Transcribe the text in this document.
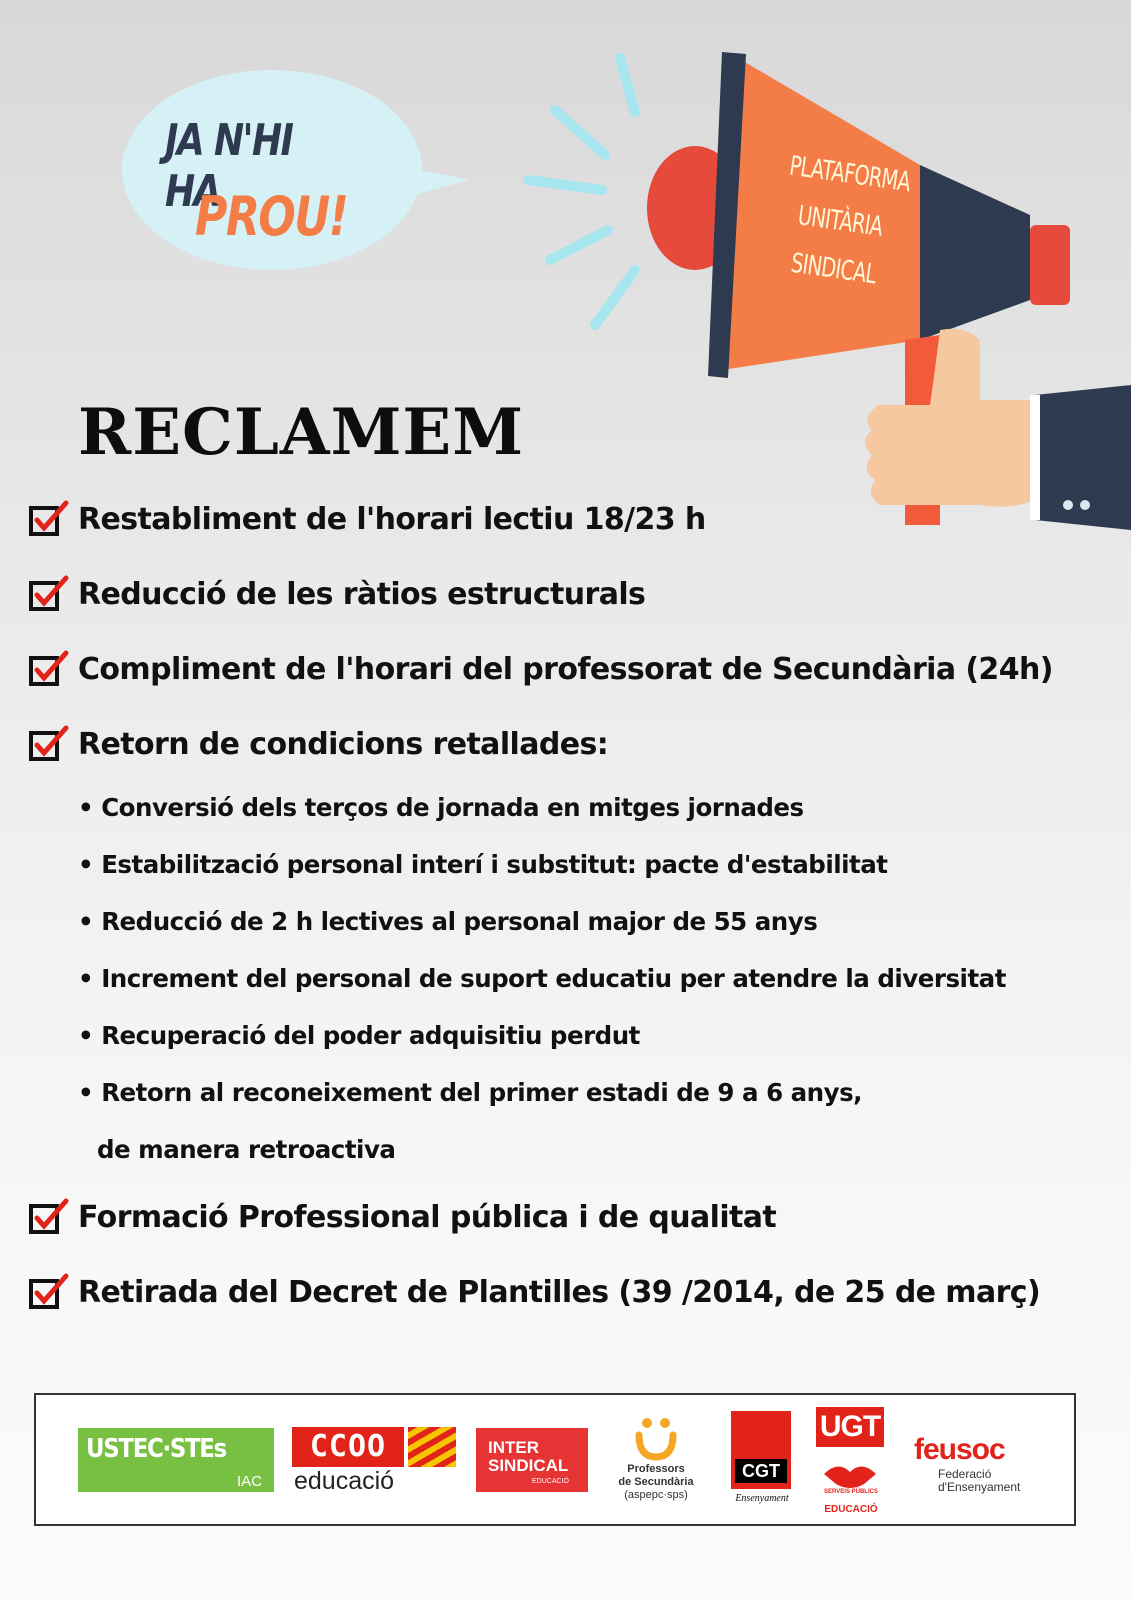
JA N'HI HA
PROU!
PLATAFORMA
UNITÀRIA
SINDICAL
RECLAMEM
Restabliment de l'horari lectiu 18/23 h
Reducció de les ràtios estructurals
Compliment de l'horari del professorat de Secundària (24h)
Retorn de condicions retallades:
• Conversió dels terços de jornada en mitges jornades
• Estabilització personal interí i substitut: pacte d'estabilitat
• Reducció de 2 h lectives al personal major de 55 anys
• Increment del personal de suport educatiu per atendre la diversitat
• Recuperació del poder adquisitiu perdut
• Retorn al reconeixement del primer estadi de 9 a 6 anys,
de manera retroactiva
Formació Professional pública i de qualitat
Retirada del Decret de Plantilles (39 /2014, de 25 de març)
USTEC·STEs
IAC
CCOO
educació
INTER
SINDICAL
EDUCACIÓ
Professors
de Secundària
(aspepc·sps)
CGT
Ensenyament
UGT
SERVEIS PÚBLICS
EDUCACIÓ
feusoc
Federació
d'Ensenyament
